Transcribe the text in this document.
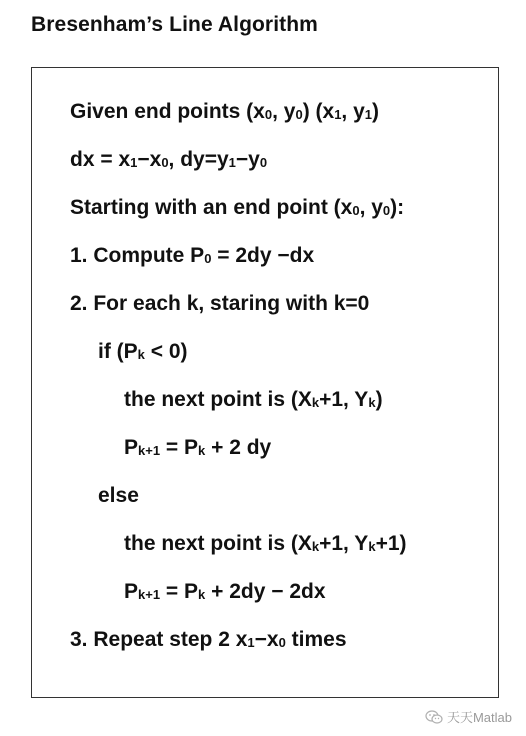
Bresenham’s Line Algorithm
Given end points (x0, y0) (x1, y1)
dx = x1−x0, dy=y1−y0
Starting with an end point (x0, y0):
1. Compute P0 = 2dy −dx
2. For each k, staring with k=0
if (Pk < 0)
the next point is (Xk+1, Yk)
Pk+1 = Pk + 2 dy
else
the next point is (Xk+1, Yk+1)
Pk+1 = Pk + 2dy − 2dx
3. Repeat step 2 x1−x0 times
天天Matlab
